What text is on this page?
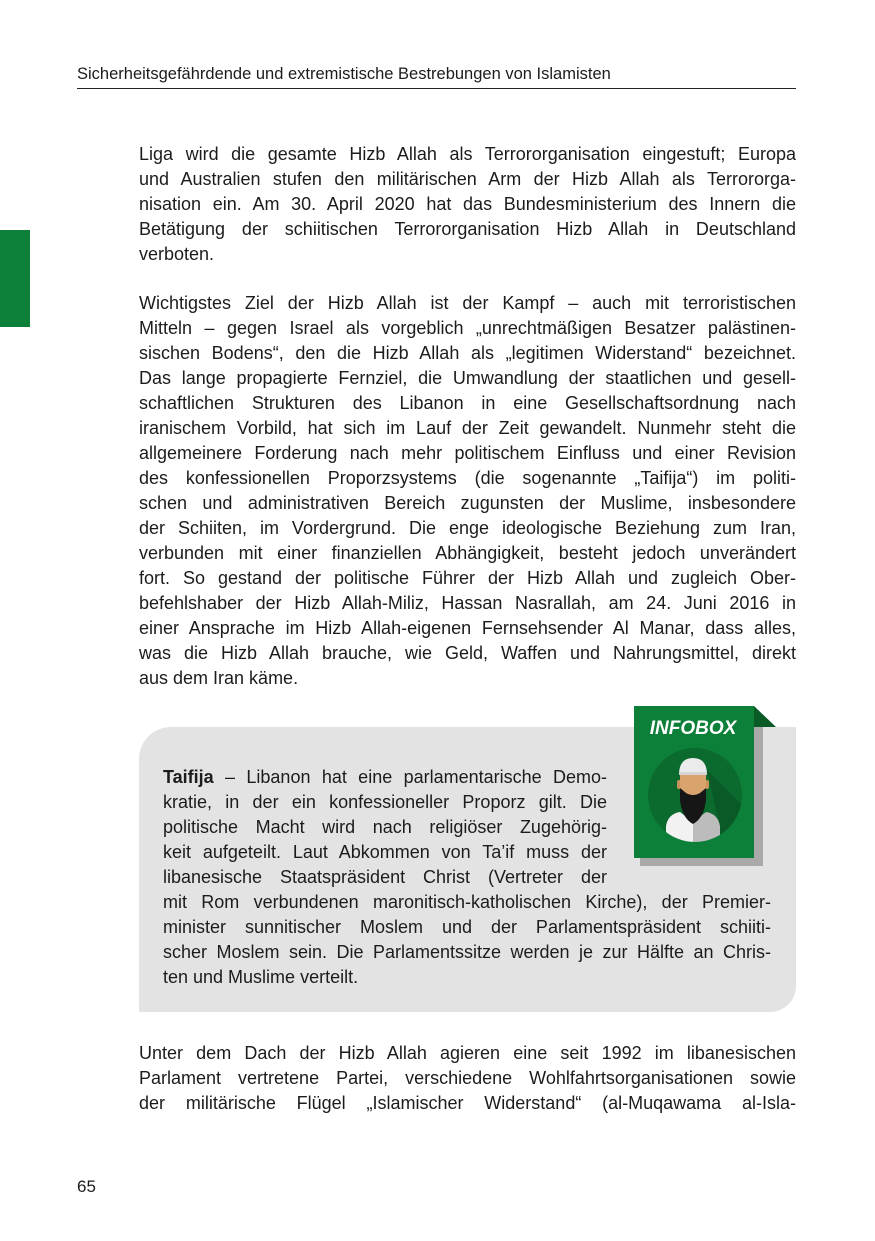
Sicherheitsgefährdende und extremistische Bestrebungen von Islamisten
Liga wird die gesamte Hizb Allah als Terrororganisation eingestuft; Europa
und Australien stufen den militärischen Arm der Hizb Allah als Terrororga-
nisation ein. Am 30. April 2020 hat das Bundesministerium des Innern die
Betätigung der schiitischen Terrororganisation Hizb Allah in Deutschland
verboten.
Wichtigstes Ziel der Hizb Allah ist der Kampf – auch mit terroristischen
Mitteln – gegen Israel als vorgeblich „unrechtmäßigen Besatzer palästinen-
sischen Bodens“, den die Hizb Allah als „legitimen Widerstand“ bezeichnet.
Das lange propagierte Fernziel, die Umwandlung der staatlichen und gesell-
schaftlichen Strukturen des Libanon in eine Gesellschaftsordnung nach
iranischem Vorbild, hat sich im Lauf der Zeit gewandelt. Nunmehr steht die
allgemeinere Forderung nach mehr politischem Einfluss und einer Revision
des konfessionellen Proporzsystems (die sogenannte „Taifija“) im politi-
schen und administrativen Bereich zugunsten der Muslime, insbesondere
der Schiiten, im Vordergrund. Die enge ideologische Beziehung zum Iran,
verbunden mit einer finanziellen Abhängigkeit, besteht jedoch unverändert
fort. So gestand der politische Führer der Hizb Allah und zugleich Ober-
befehlshaber der Hizb Allah-Miliz, Hassan Nasrallah, am 24. Juni 2016 in
einer Ansprache im Hizb Allah-eigenen Fernsehsender Al Manar, dass alles,
was die Hizb Allah brauche, wie Geld, Waffen und Nahrungsmittel, direkt
aus dem Iran käme.
INFOBOX
Taifija – Libanon hat eine parlamentarische Demo-
kratie, in der ein konfessioneller Proporz gilt. Die
politische Macht wird nach religiöser Zugehörig-
keit aufgeteilt. Laut Abkommen von Ta’if muss der
libanesische Staatspräsident Christ (Vertreter der
mit Rom verbundenen maronitisch-katholischen Kirche), der Premier-
minister sunnitischer Moslem und der Parlamentspräsident schiiti-
scher Moslem sein. Die Parlamentssitze werden je zur Hälfte an Chris-
ten und Muslime verteilt.
Unter dem Dach der Hizb Allah agieren eine seit 1992 im libanesischen
Parlament vertretene Partei, verschiedene Wohlfahrtsorganisationen sowie
der militärische Flügel „Islamischer Widerstand“ (al-Muqawama al-Isla-
65
